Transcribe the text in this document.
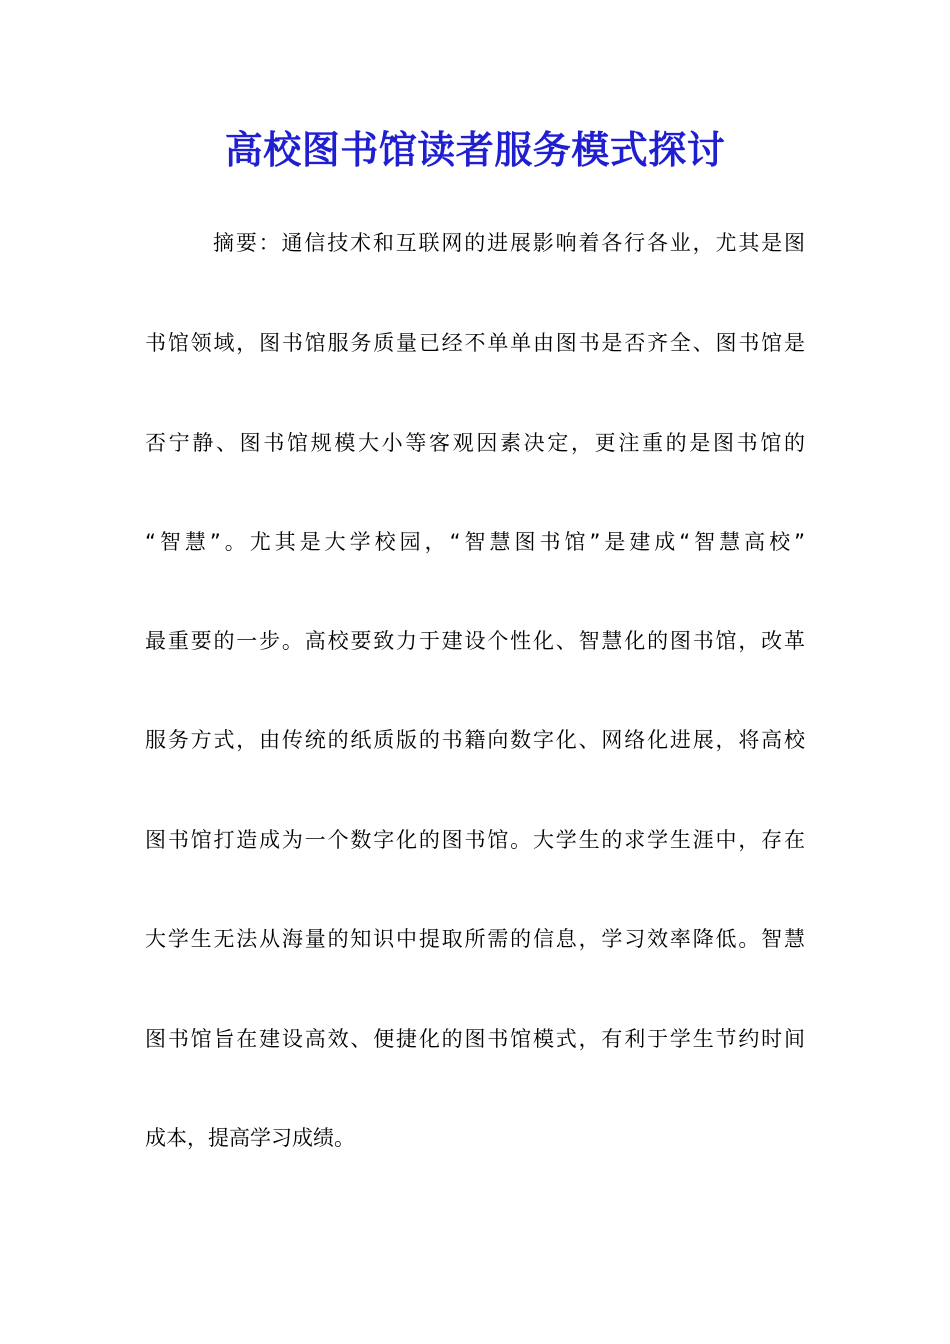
高校图书馆读者服务模式探讨
摘要：通信技术和互联网的进展影响着各行各业，尤其是图
书馆领域，图书馆服务质量已经不单单由图书是否齐全、图书馆是
否宁静、图书馆规模大小等客观因素决定，更注重的是图书馆的
“智慧”。尤其是大学校园，“智慧图书馆”是建成“智慧高校”
最重要的一步。高校要致力于建设个性化、智慧化的图书馆，改革
服务方式，由传统的纸质版的书籍向数字化、网络化进展，将高校
图书馆打造成为一个数字化的图书馆。大学生的求学生涯中，存在
大学生无法从海量的知识中提取所需的信息，学习效率降低。智慧
图书馆旨在建设高效、便捷化的图书馆模式，有利于学生节约时间
成本，提高学习成绩。
